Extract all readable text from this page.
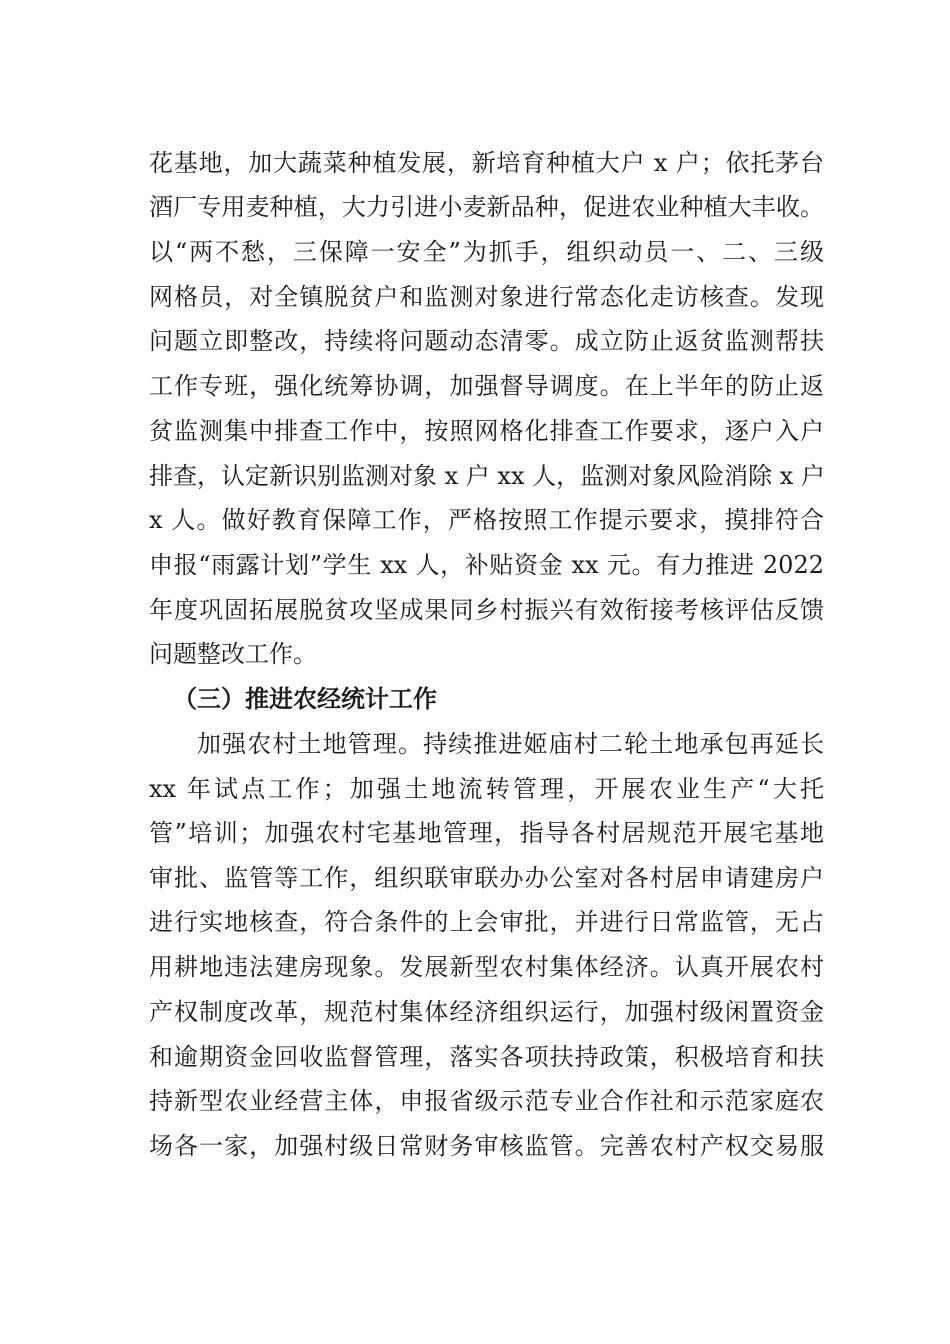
花基地，加大蔬菜种植发展，新培育种植大户 x 户；依托茅台
酒厂专用麦种植，大力引进小麦新品种，促进农业种植大丰收。
以“两不愁，三保障一安全”为抓手，组织动员一、二、三级
网格员，对全镇脱贫户和监测对象进行常态化走访核查。发现
问题立即整改，持续将问题动态清零。成立防止返贫监测帮扶
工作专班，强化统筹协调，加强督导调度。在上半年的防止返
贫监测集中排查工作中，按照网格化排查工作要求，逐户入户
排查，认定新识别监测对象 x 户 xx 人，监测对象风险消除 x 户
x 人。做好教育保障工作，严格按照工作提示要求，摸排符合
申报“雨露计划”学生 xx 人，补贴资金 xx 元。有力推进 2022
年度巩固拓展脱贫攻坚成果同乡村振兴有效衔接考核评估反馈
问题整改工作。
（三）推进农经统计工作
加强农村土地管理。持续推进姬庙村二轮土地承包再延长
xx 年试点工作；加强土地流转管理，开展农业生产“大托
管”培训；加强农村宅基地管理，指导各村居规范开展宅基地
审批、监管等工作，组织联审联办办公室对各村居申请建房户
进行实地核查，符合条件的上会审批，并进行日常监管，无占
用耕地违法建房现象。发展新型农村集体经济。认真开展农村
产权制度改革，规范村集体经济组织运行，加强村级闲置资金
和逾期资金回收监督管理，落实各项扶持政策，积极培育和扶
持新型农业经营主体，申报省级示范专业合作社和示范家庭农
场各一家，加强村级日常财务审核监管。完善农村产权交易服
